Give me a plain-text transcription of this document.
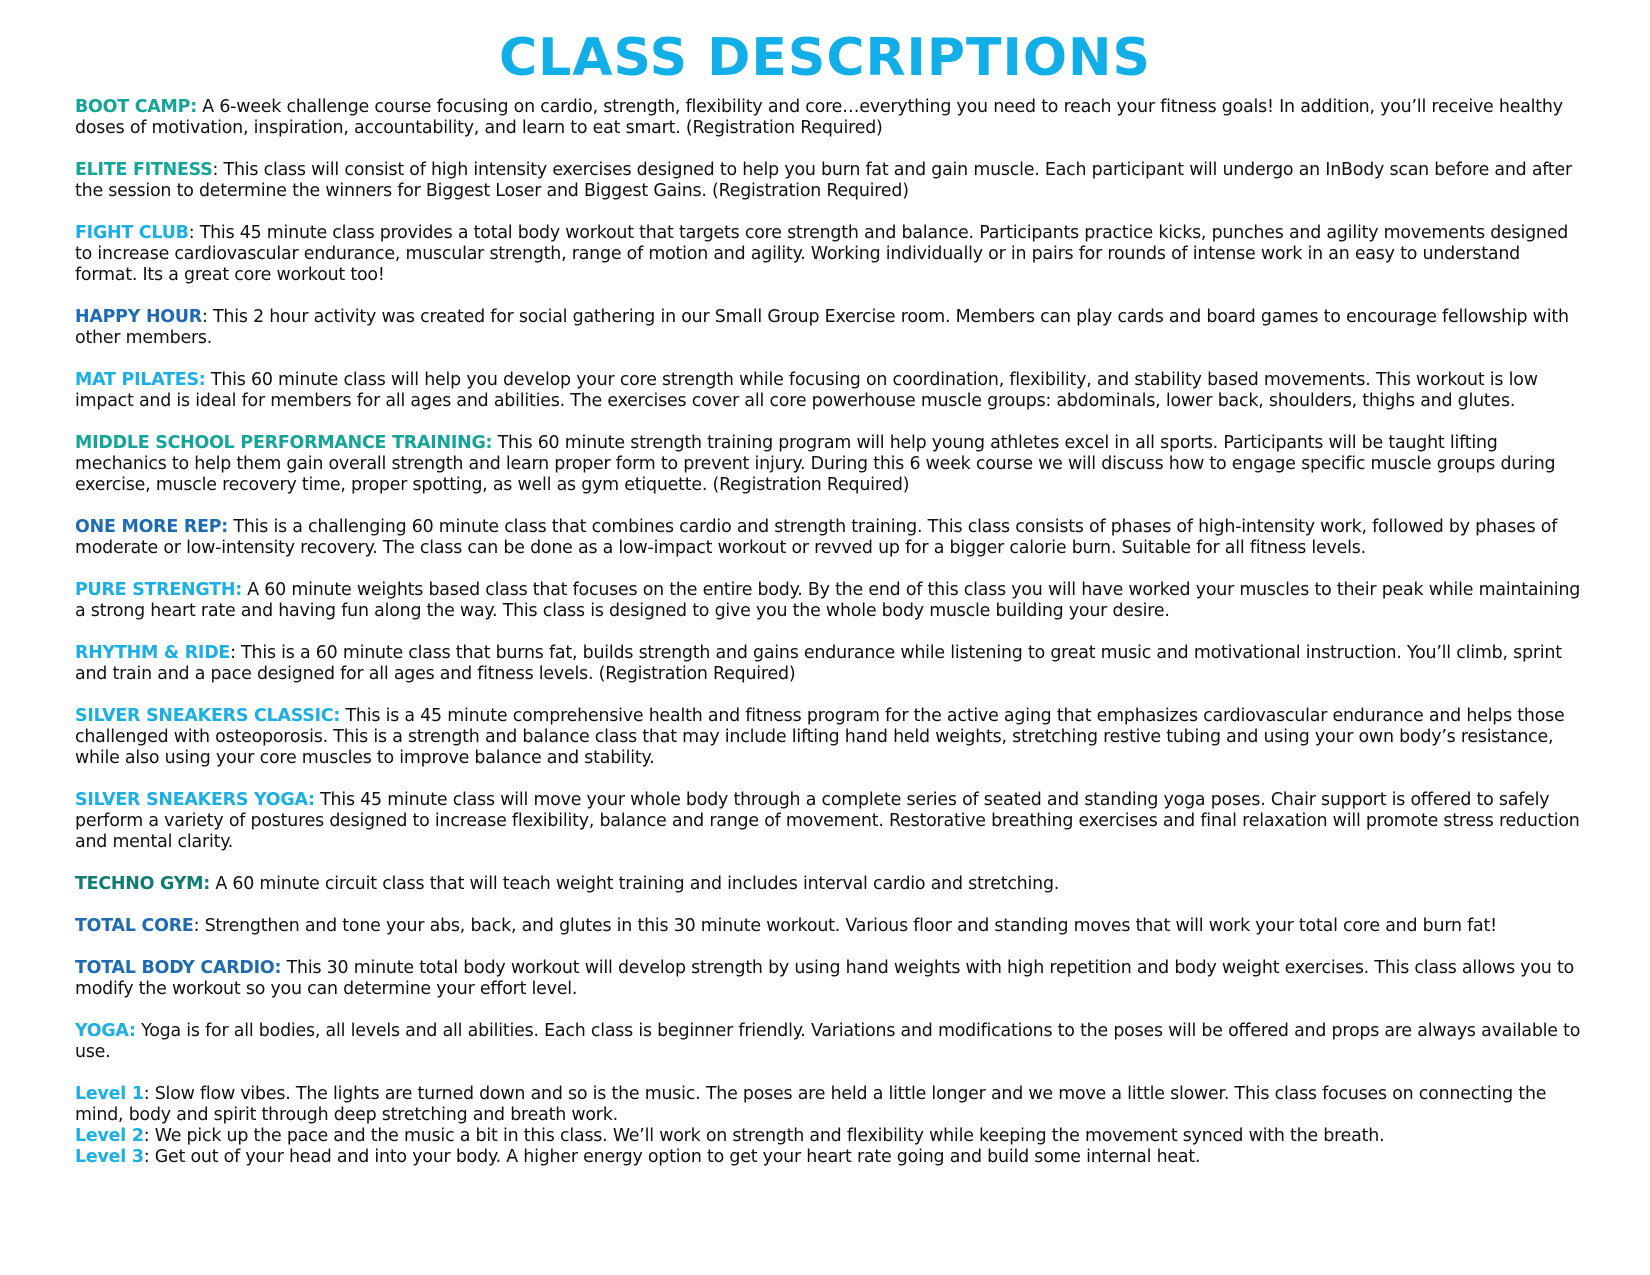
CLASS DESCRIPTIONS

BOOT CAMP: A 6-week challenge course focusing on cardio, strength, flexibility and core…everything you need to reach your fitness goals! In addition, you’ll receive healthy doses of motivation, inspiration, accountability, and learn to eat smart. (Registration Required)

ELITE FITNESS: This class will consist of high intensity exercises designed to help you burn fat and gain muscle. Each participant will undergo an InBody scan before and after the session to determine the winners for Biggest Loser and Biggest Gains. (Registration Required)

FIGHT CLUB: This 45 minute class provides a total body workout that targets core strength and balance. Participants practice kicks, punches and agility movements designed to increase cardiovascular endurance, muscular strength, range of motion and agility. Working individually or in pairs for rounds of intense work in an easy to understand format. Its a great core workout too!

HAPPY HOUR: This 2 hour activity was created for social gathering in our Small Group Exercise room. Members can play cards and board games to encourage fellowship with other members.

MAT PILATES: This 60 minute class will help you develop your core strength while focusing on coordination, flexibility, and stability based movements. This workout is low impact and is ideal for members for all ages and abilities. The exercises cover all core powerhouse muscle groups: abdominals, lower back, shoulders, thighs and glutes.

MIDDLE SCHOOL PERFORMANCE TRAINING: This 60 minute strength training program will help young athletes excel in all sports. Participants will be taught lifting mechanics to help them gain overall strength and learn proper form to prevent injury. During this 6 week course we will discuss how to engage specific muscle groups during exercise, muscle recovery time, proper spotting, as well as gym etiquette. (Registration Required)

ONE MORE REP: This is a challenging 60 minute class that combines cardio and strength training. This class consists of phases of high-intensity work, followed by phases of moderate or low-intensity recovery. The class can be done as a low-impact workout or revved up for a bigger calorie burn. Suitable for all fitness levels.

PURE STRENGTH: A 60 minute weights based class that focuses on the entire body. By the end of this class you will have worked your muscles to their peak while maintaining a strong heart rate and having fun along the way. This class is designed to give you the whole body muscle building your desire.

RHYTHM & RIDE: This is a 60 minute class that burns fat, builds strength and gains endurance while listening to great music and motivational instruction. You’ll climb, sprint and train and a pace designed for all ages and fitness levels. (Registration Required)

SILVER SNEAKERS CLASSIC: This is a 45 minute comprehensive health and fitness program for the active aging that emphasizes cardiovascular endurance and helps those challenged with osteoporosis. This is a strength and balance class that may include lifting hand held weights, stretching restive tubing and using your own body’s resistance, while also using your core muscles to improve balance and stability.

SILVER SNEAKERS YOGA: This 45 minute class will move your whole body through a complete series of seated and standing yoga poses. Chair support is offered to safely perform a variety of postures designed to increase flexibility, balance and range of movement. Restorative breathing exercises and final relaxation will promote stress reduction and mental clarity.

TECHNO GYM: A 60 minute circuit class that will teach weight training and includes interval cardio and stretching.

TOTAL CORE: Strengthen and tone your abs, back, and glutes in this 30 minute workout. Various floor and standing moves that will work your total core and burn fat!

TOTAL BODY CARDIO: This 30 minute total body workout will develop strength by using hand weights with high repetition and body weight exercises. This class allows you to modify the workout so you can determine your effort level.

YOGA: Yoga is for all bodies, all levels and all abilities. Each class is beginner friendly. Variations and modifications to the poses will be offered and props are always available to use.

Level 1: Slow flow vibes. The lights are turned down and so is the music. The poses are held a little longer and we move a little slower. This class focuses on connecting the mind, body and spirit through deep stretching and breath work.
Level 2: We pick up the pace and the music a bit in this class. We’ll work on strength and flexibility while keeping the movement synced with the breath.
Level 3: Get out of your head and into your body. A higher energy option to get your heart rate going and build some internal heat.
